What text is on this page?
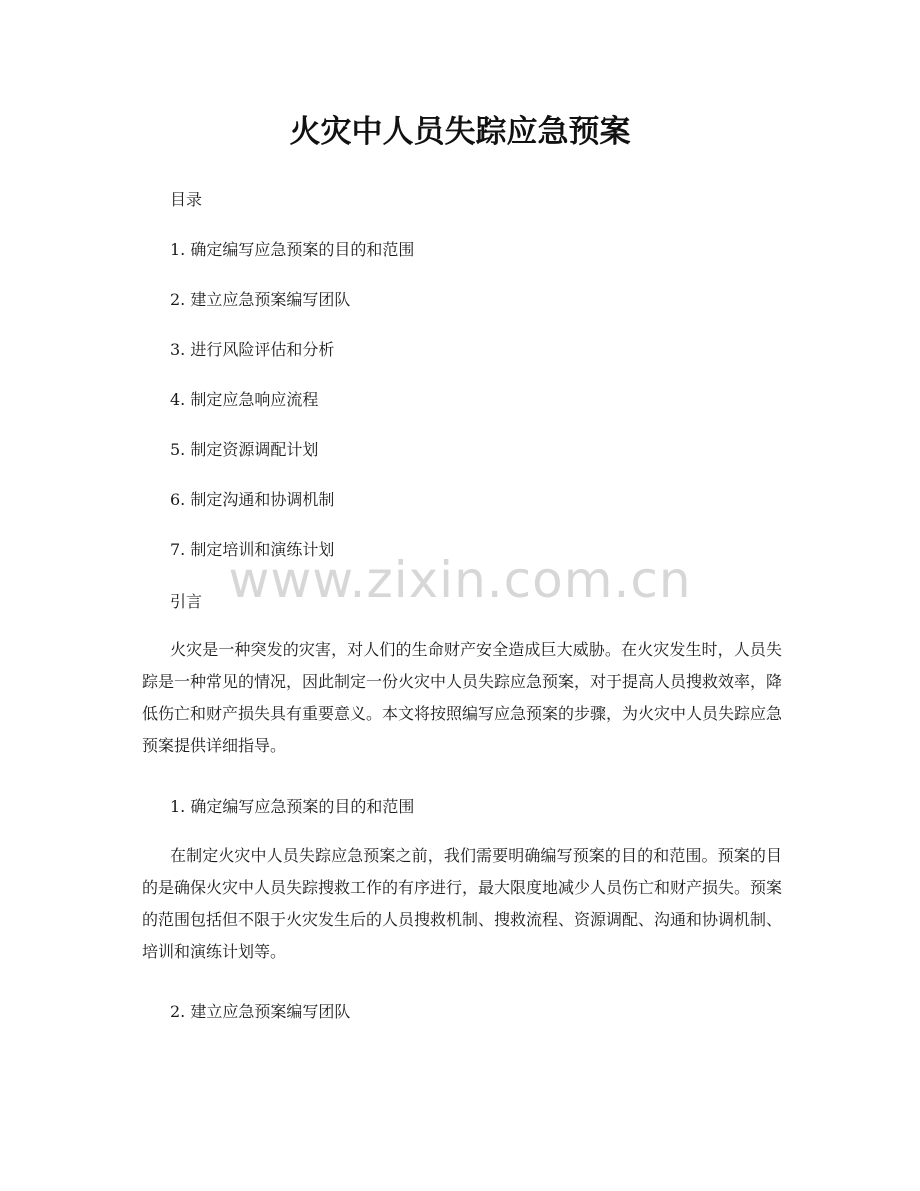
火灾中人员失踪应急预案

目录

1. 确定编写应急预案的目的和范围

2. 建立应急预案编写团队

3. 进行风险评估和分析

4. 制定应急响应流程

5. 制定资源调配计划

6. 制定沟通和协调机制

7. 制定培训和演练计划

引言

火灾是一种突发的灾害，对人们的生命财产安全造成巨大威胁。在火灾发生时，人员失踪是一种常见的情况，因此制定一份火灾中人员失踪应急预案，对于提高人员搜救效率，降低伤亡和财产损失具有重要意义。本文将按照编写应急预案的步骤，为火灾中人员失踪应急预案提供详细指导。

1. 确定编写应急预案的目的和范围

在制定火灾中人员失踪应急预案之前，我们需要明确编写预案的目的和范围。预案的目的是确保火灾中人员失踪搜救工作的有序进行，最大限度地减少人员伤亡和财产损失。预案的范围包括但不限于火灾发生后的人员搜救机制、搜救流程、资源调配、沟通和协调机制、培训和演练计划等。

2. 建立应急预案编写团队

www.zixin.com.cn
